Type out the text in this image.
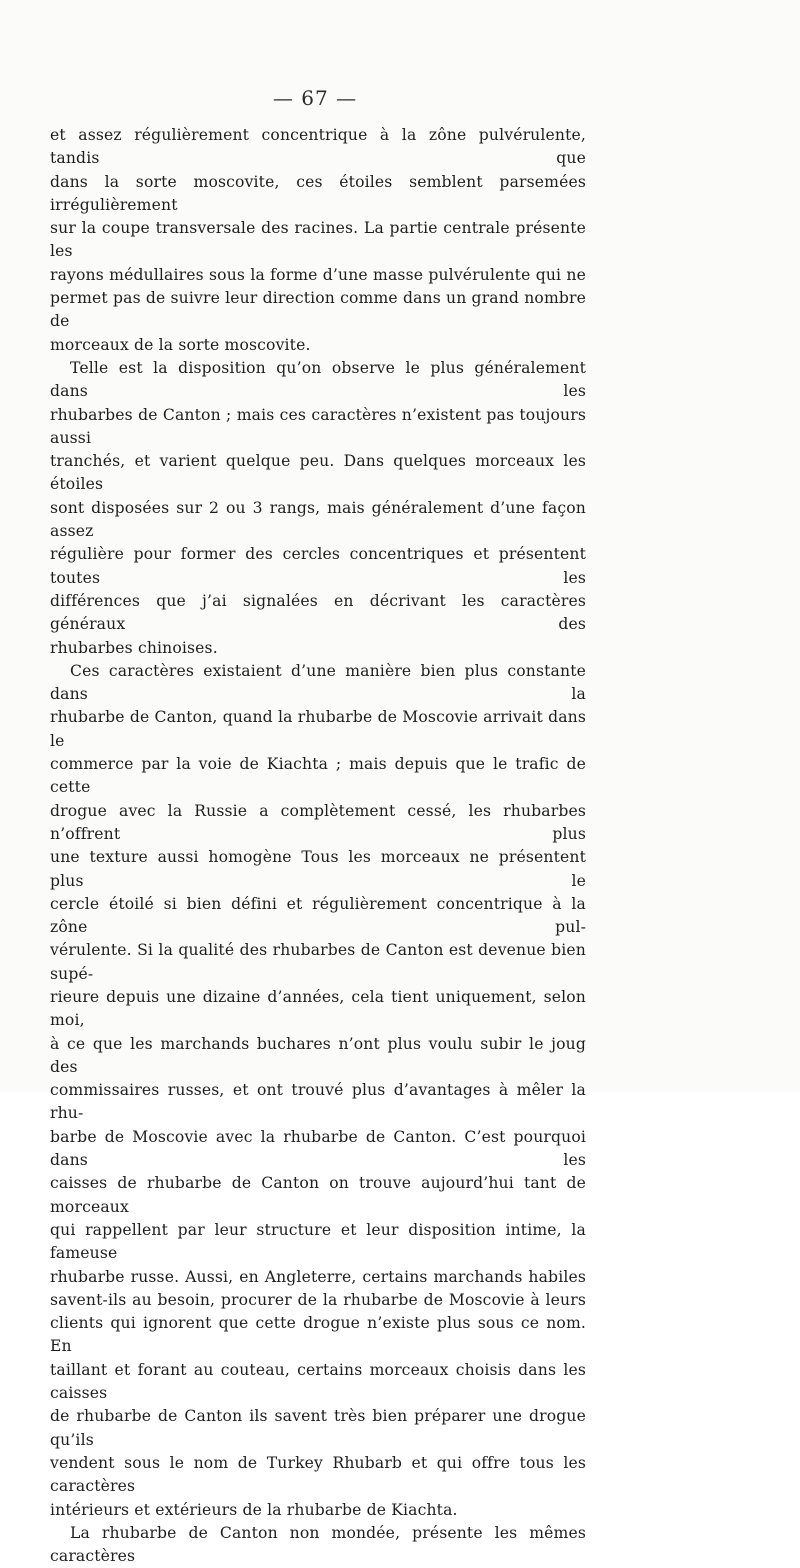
— 67 —

et assez régulièrement concentrique à la zône pulvérulente, tandis que

dans la sorte moscovite, ces étoiles semblent parsemées irrégulièrement

sur la coupe transversale des racines. La partie centrale présente les

rayons médullaires sous la forme d’une masse pulvérulente qui ne

permet pas de suivre leur direction comme dans un grand nombre de

morceaux de la sorte moscovite.

Telle est la disposition qu’on observe le plus généralement dans les

rhubarbes de Canton ; mais ces caractères n’existent pas toujours aussi

tranchés, et varient quelque peu. Dans quelques morceaux les étoiles

sont disposées sur 2 ou 3 rangs, mais généralement d’une façon assez

régulière pour former des cercles concentriques et présentent toutes les

différences que j’ai signalées en décrivant les caractères généraux des

rhubarbes chinoises.

Ces caractères existaient d’une manière bien plus constante dans la

rhubarbe de Canton, quand la rhubarbe de Moscovie arrivait dans le

commerce par la voie de Kiachta ; mais depuis que le trafic de cette

drogue avec la Russie a complètement cessé, les rhubarbes n’offrent plus

une texture aussi homogène Tous les morceaux ne présentent plus le

cercle étoilé si bien défini et régulièrement concentrique à la zône pul-

vérulente. Si la qualité des rhubarbes de Canton est devenue bien supé-

rieure depuis une dizaine d’années, cela tient uniquement, selon moi,

à ce que les marchands buchares n’ont plus voulu subir le joug des

commissaires russes, et ont trouvé plus d’avantages à mêler la rhu-

barbe de Moscovie avec la rhubarbe de Canton. C’est pourquoi dans les

caisses de rhubarbe de Canton on trouve aujourd’hui tant de morceaux

qui rappellent par leur structure et leur disposition intime, la fameuse

rhubarbe russe. Aussi, en Angleterre, certains marchands habiles

savent-ils au besoin, procurer de la rhubarbe de Moscovie à leurs

clients qui ignorent que cette drogue n’existe plus sous ce nom. En

taillant et forant au couteau, certains morceaux choisis dans les caisses

de rhubarbe de Canton ils savent très bien préparer une drogue qu’ils

vendent sous le nom de Turkey Rhubarb et qui offre tous les caractères

intérieurs et extérieurs de la rhubarbe de Kiachta.

La rhubarbe de Canton non mondée, présente les mêmes caractères
